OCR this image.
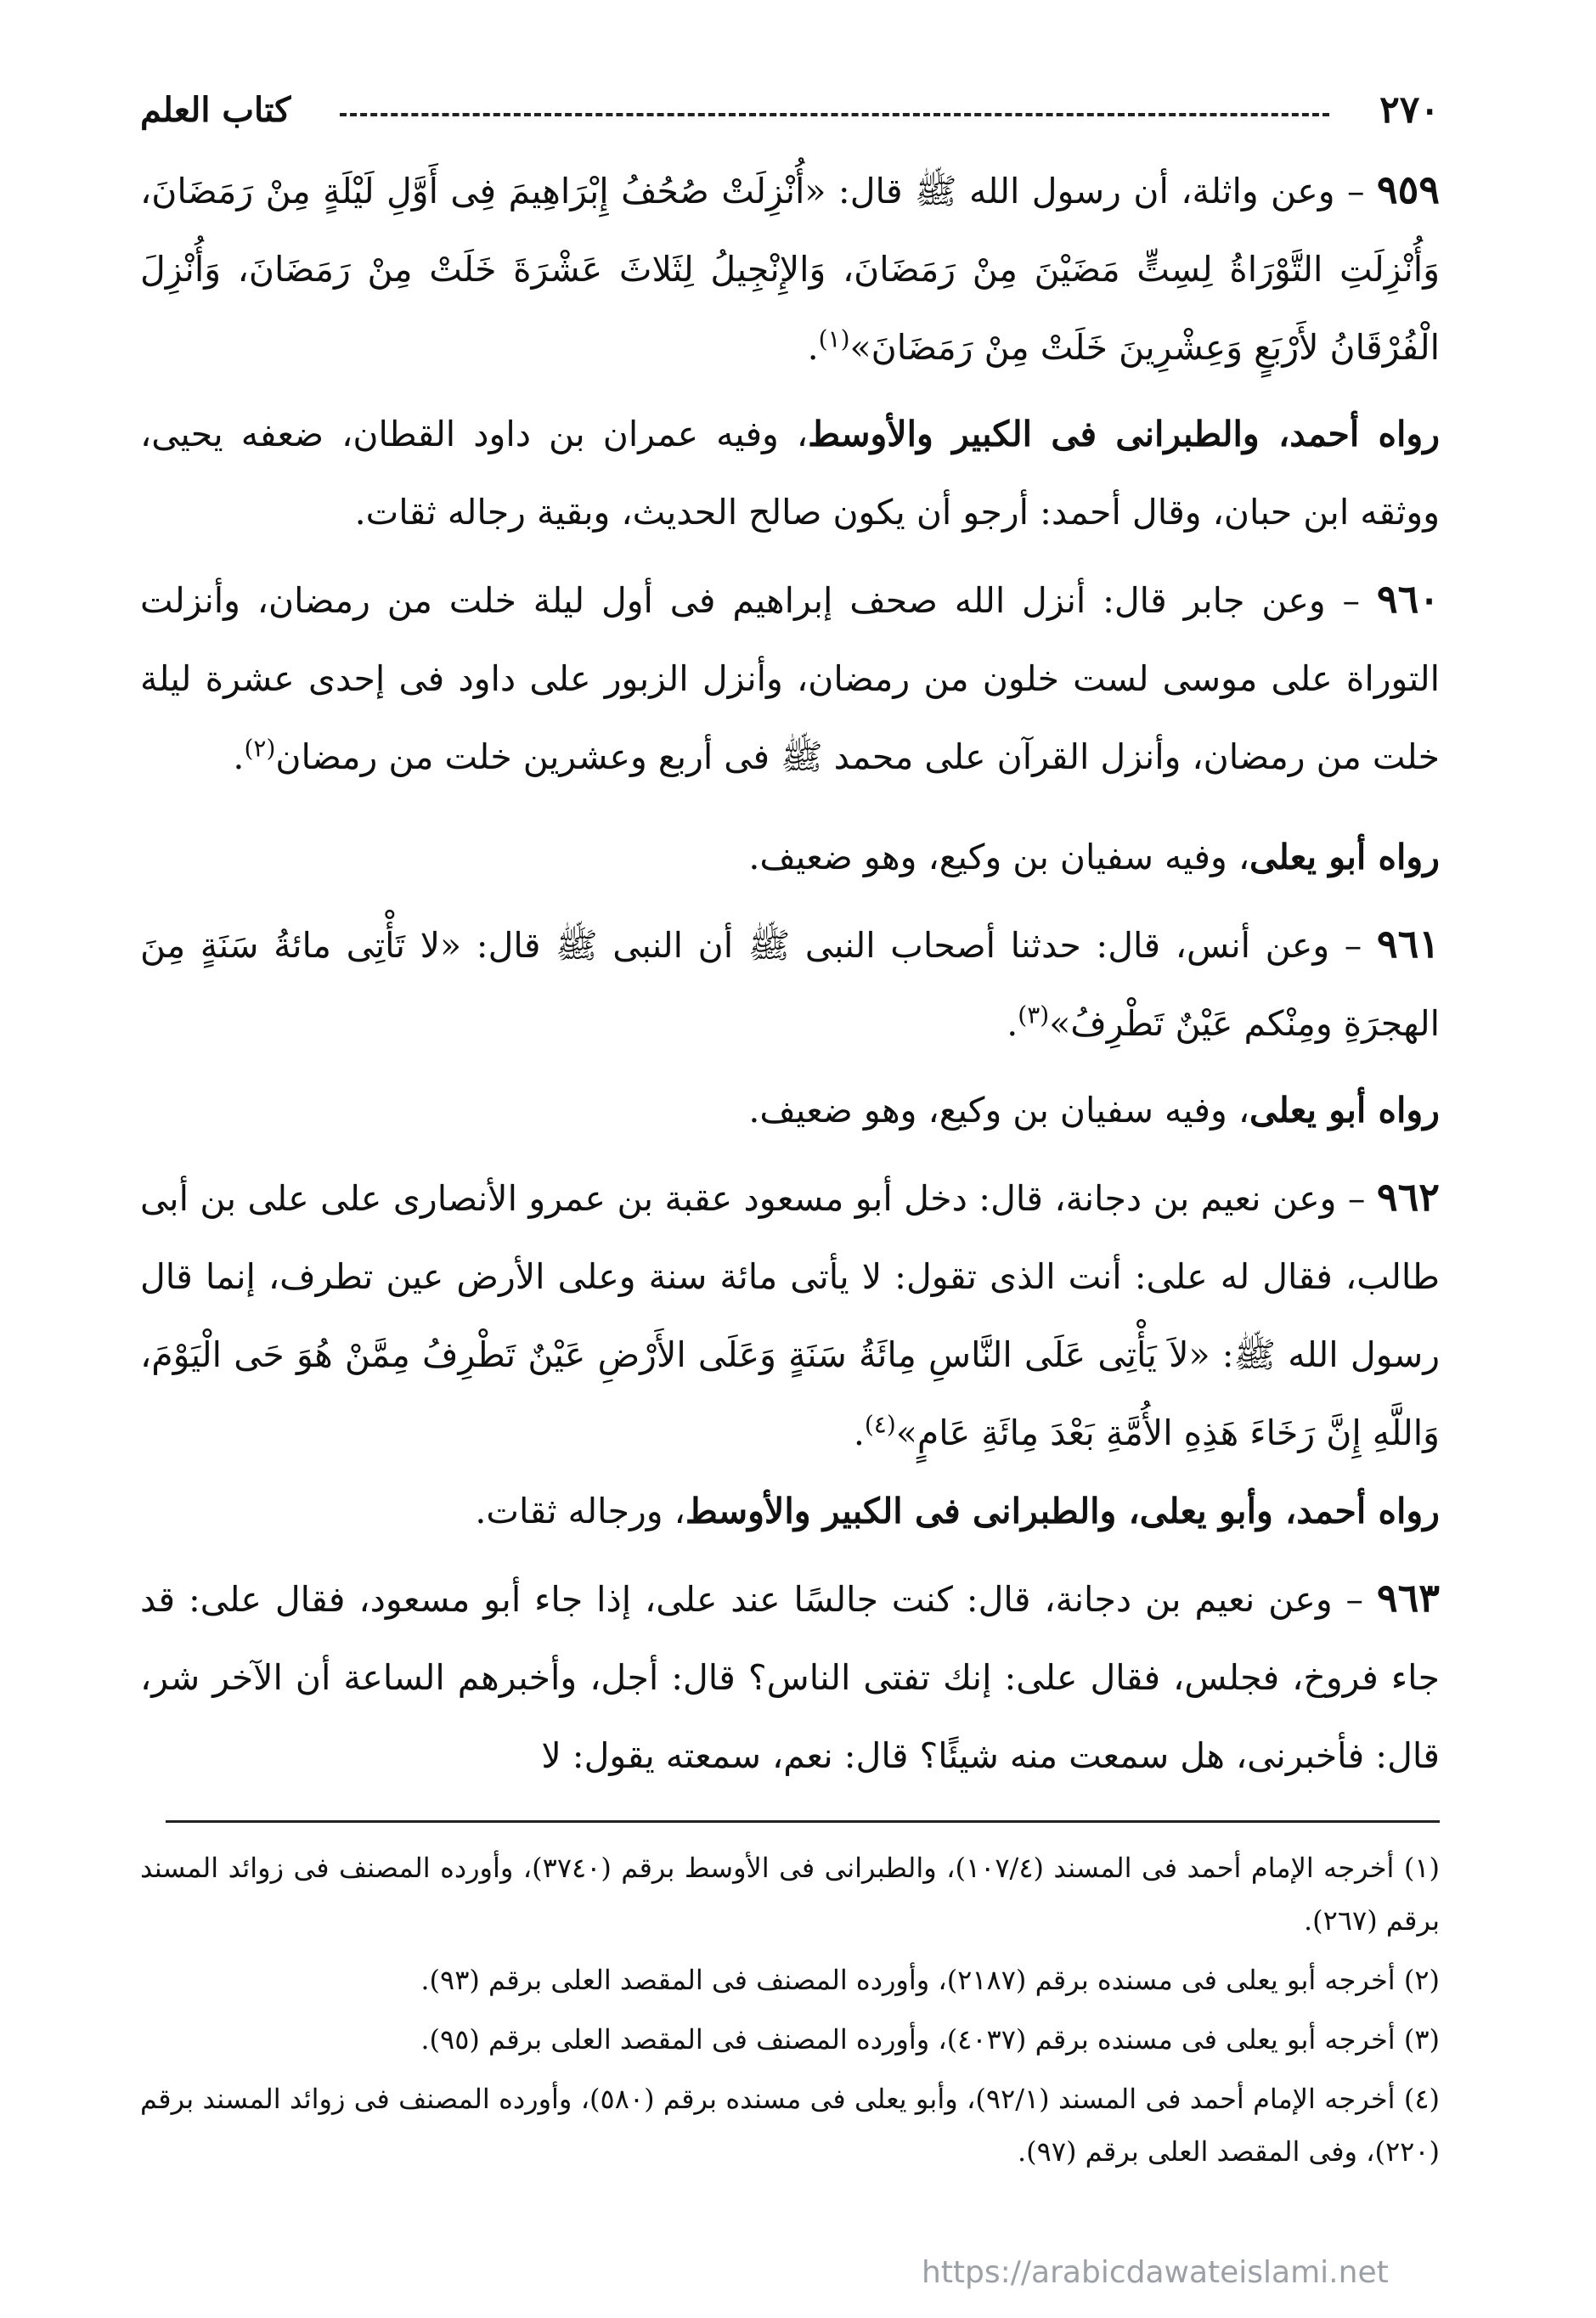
٢٧٠
كتاب العلم

٩٥٩ – وعن واثلة، أن رسول الله ﷺ قال: «أُنْزِلَتْ صُحُفُ إِبْرَاهِيمَ فِى أَوَّلِ لَيْلَةٍ مِنْ رَمَضَانَ، وَأُنْزِلَتِ التَّوْرَاةُ لِسِتٍّ مَضَيْنَ مِنْ رَمَضَانَ، وَالإِنْجِيلُ لِثَلاثَ عَشْرَةَ خَلَتْ مِنْ رَمَضَانَ، وَأُنْزِلَ الْفُرْقَانُ لأَرْبَعٍ وَعِشْرِينَ خَلَتْ مِنْ رَمَضَانَ»$^{(١)}$.

رواه أحمد، والطبرانى فى الكبير والأوسط، وفيه عمران بن داود القطان، ضعفه يحيى، ووثقه ابن حبان، وقال أحمد: أرجو أن يكون صالح الحديث، وبقية رجاله ثقات.

٩٦٠ – وعن جابر قال: أنزل الله صحف إبراهيم فى أول ليلة خلت من رمضان، وأنزلت التوراة على موسى لست خلون من رمضان، وأنزل الزبور على داود فى إحدى عشرة ليلة خلت من رمضان، وأنزل القرآن على محمد ﷺ فى أربع وعشرين خلت من رمضان$^{(٢)}$.

رواه أبو يعلى، وفيه سفيان بن وكيع، وهو ضعيف.

٩٦١ – وعن أنس، قال: حدثنا أصحاب النبى ﷺ أن النبى ﷺ قال: «لا تَأْتِى مائةُ سَنَةٍ مِنَ الهجرَةِ ومِنْكم عَيْنٌ تَطْرِفُ»$^{(٣)}$.

رواه أبو يعلى، وفيه سفيان بن وكيع، وهو ضعيف.

٩٦٢ – وعن نعيم بن دجانة، قال: دخل أبو مسعود عقبة بن عمرو الأنصارى على على بن أبى طالب، فقال له على: أنت الذى تقول: لا يأتى مائة سنة وعلى الأرض عين تطرف، إنما قال رسول الله ﷺ: «لاَ يَأْتِى عَلَى النَّاسِ مِائَةُ سَنَةٍ وَعَلَى الأَرْضِ عَيْنٌ تَطْرِفُ مِمَّنْ هُوَ حَى الْيَوْمَ، وَاللَّهِ إِنَّ رَخَاءَ هَذِهِ الأُمَّةِ بَعْدَ مِائَةِ عَامٍ»$^{(٤)}$.

رواه أحمد، وأبو يعلى، والطبرانى فى الكبير والأوسط، ورجاله ثقات.

٩٦٣ – وعن نعيم بن دجانة، قال: كنت جالسًا عند على، إذا جاء أبو مسعود، فقال على: قد جاء فروخ، فجلس، فقال على: إنك تفتى الناس؟ قال: أجل، وأخبرهم الساعة أن الآخر شر، قال: فأخبرنى، هل سمعت منه شيئًا؟ قال: نعم، سمعته يقول: لا

(١) أخرجه الإمام أحمد فى المسند (١٠٧/٤)، والطبرانى فى الأوسط برقم (٣٧٤٠)، وأورده المصنف فى زوائد المسند برقم (٢٦٧).

(٢) أخرجه أبو يعلى فى مسنده برقم (٢١٨٧)، وأورده المصنف فى المقصد العلى برقم (٩٣).

(٣) أخرجه أبو يعلى فى مسنده برقم (٤٠٣٧)، وأورده المصنف فى المقصد العلى برقم (٩٥).

(٤) أخرجه الإمام أحمد فى المسند (٩٢/١)، وأبو يعلى فى مسنده برقم (٥٨٠)، وأورده المصنف فى زوائد المسند برقم (٢٢٠)، وفى المقصد العلى برقم (٩٧).

https://arabicdawateislami.net
